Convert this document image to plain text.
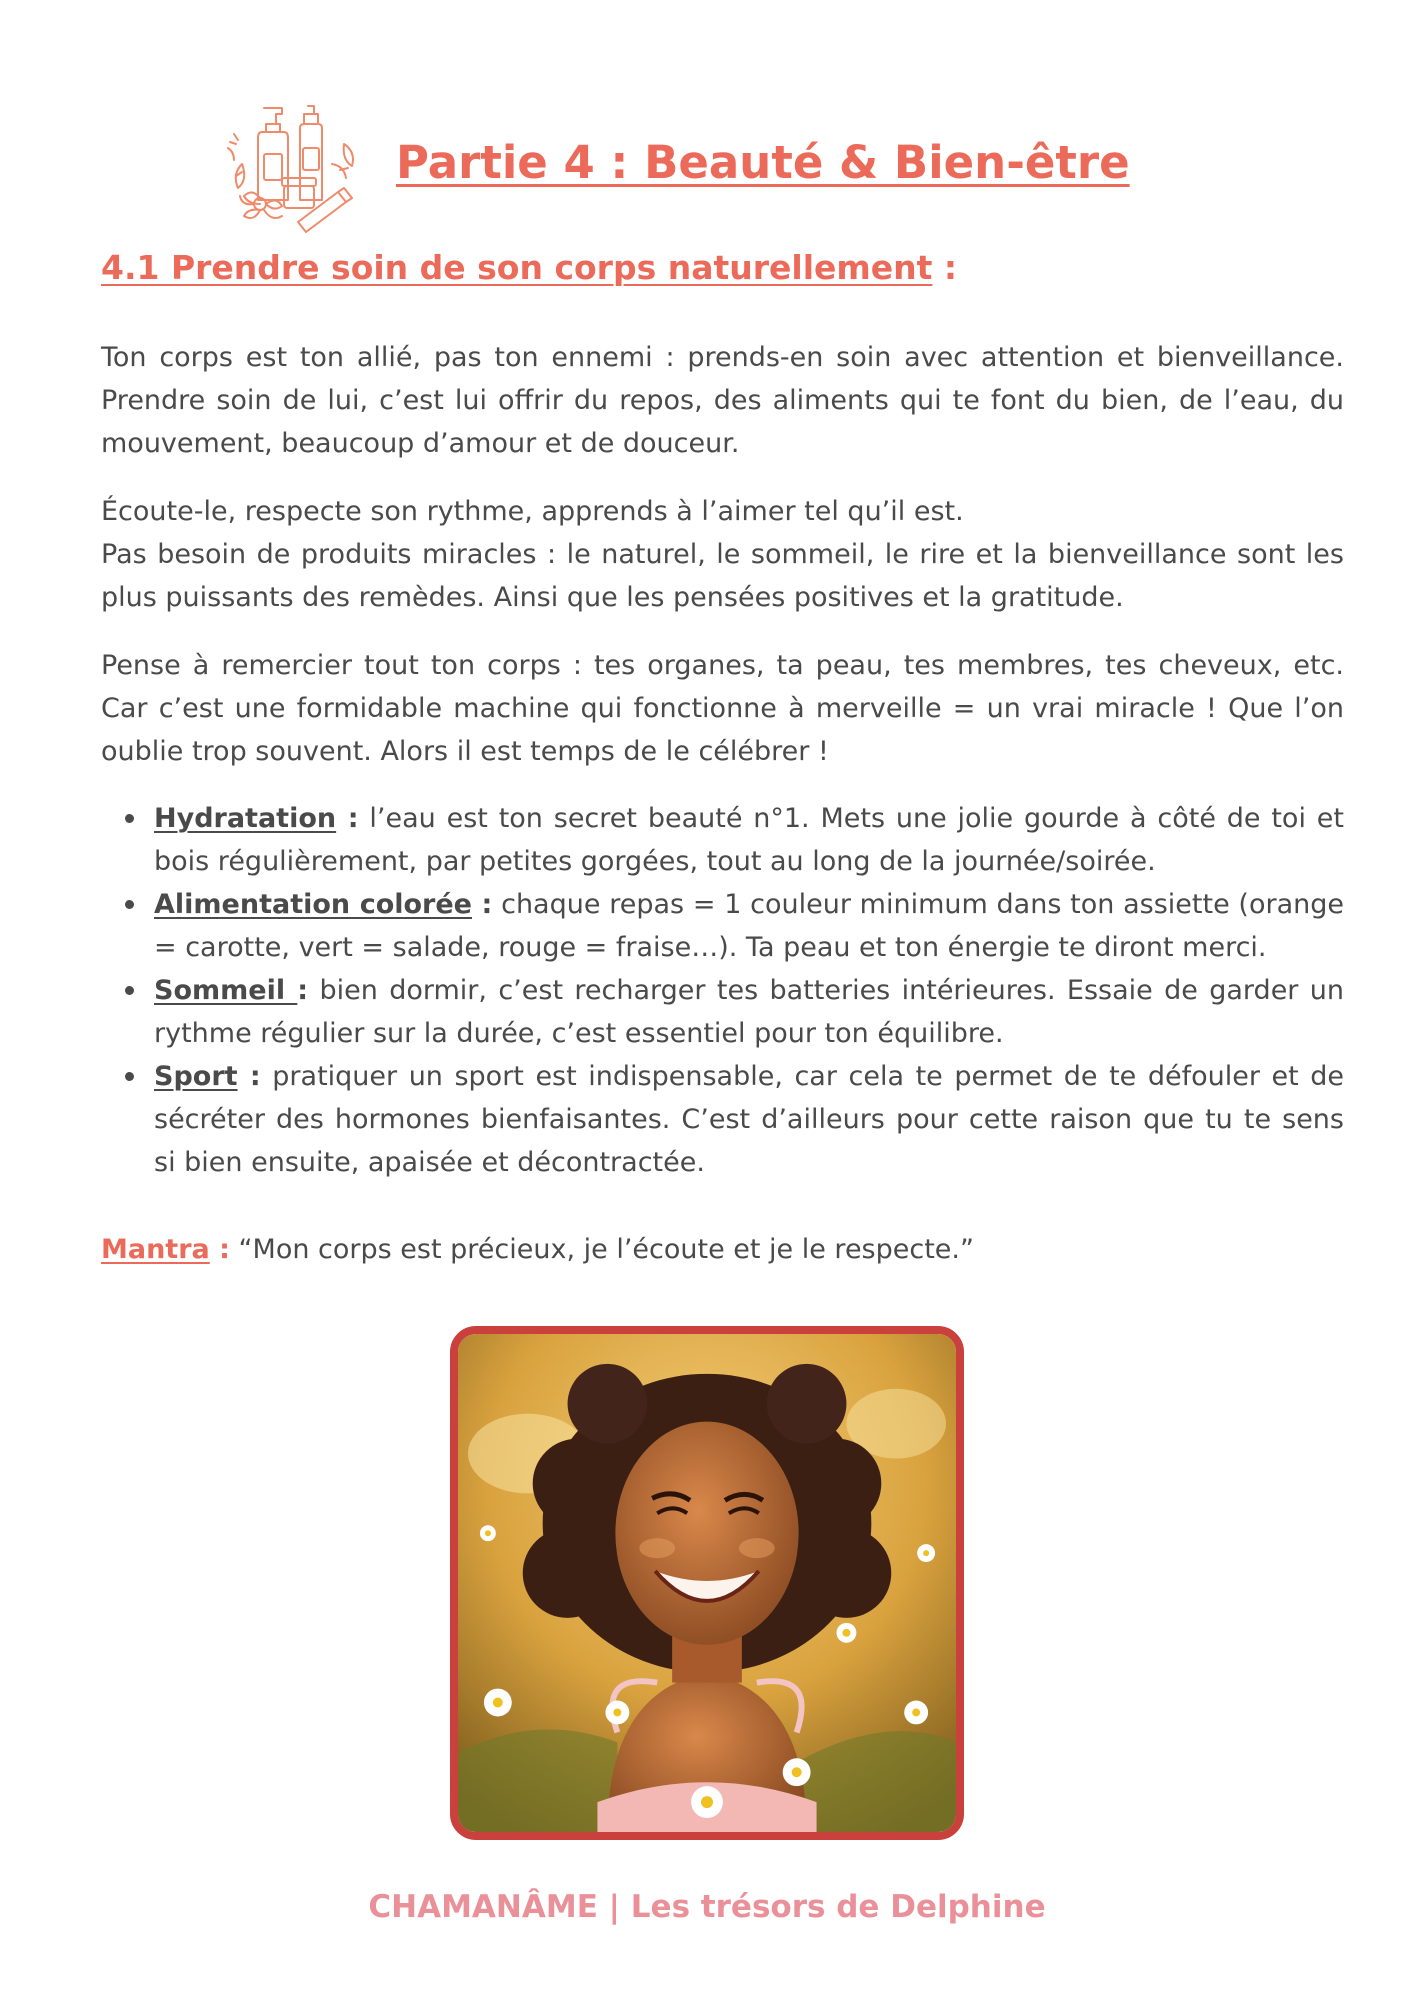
Partie 4 : Beauté & Bien-être
4.1 Prendre soin de son corps naturellement :
Ton corps est ton allié, pas ton ennemi : prends-en soin avec attention et bienveillance. Prendre soin de lui, c’est lui offrir du repos, des aliments qui te font du bien, de l’eau, du mouvement, beaucoup d’amour et de douceur.
Écoute-le, respecte son rythme, apprends à l’aimer tel qu’il est.
Pas besoin de produits miracles : le naturel, le sommeil, le rire et la bienveillance sont les plus puissants des remèdes. Ainsi que les pensées positives et la gratitude.
Pense à remercier tout ton corps : tes organes, ta peau, tes membres, tes cheveux, etc. Car c’est une formidable machine qui fonctionne à merveille = un vrai miracle ! Que l’on oublie trop souvent. Alors il est temps de le célébrer !
Hydratation : l’eau est ton secret beauté n°1. Mets une jolie gourde à côté de toi et bois régulièrement, par petites gorgées, tout au long de la journée/soirée.
Alimentation colorée : chaque repas = 1 couleur minimum dans ton assiette (orange = carotte, vert = salade, rouge = fraise…). Ta peau et ton énergie te diront merci.
Sommeil : bien dormir, c’est recharger tes batteries intérieures. Essaie de garder un rythme régulier sur la durée, c’est essentiel pour ton équilibre.
Sport : pratiquer un sport est indispensable, car cela te permet de te défouler et de sécréter des hormones bienfaisantes. C’est d’ailleurs pour cette raison que tu te sens si bien ensuite, apaisée et décontractée.
Mantra : “Mon corps est précieux, je l’écoute et je le respecte.”
CHAMANÂME | Les trésors de Delphine
